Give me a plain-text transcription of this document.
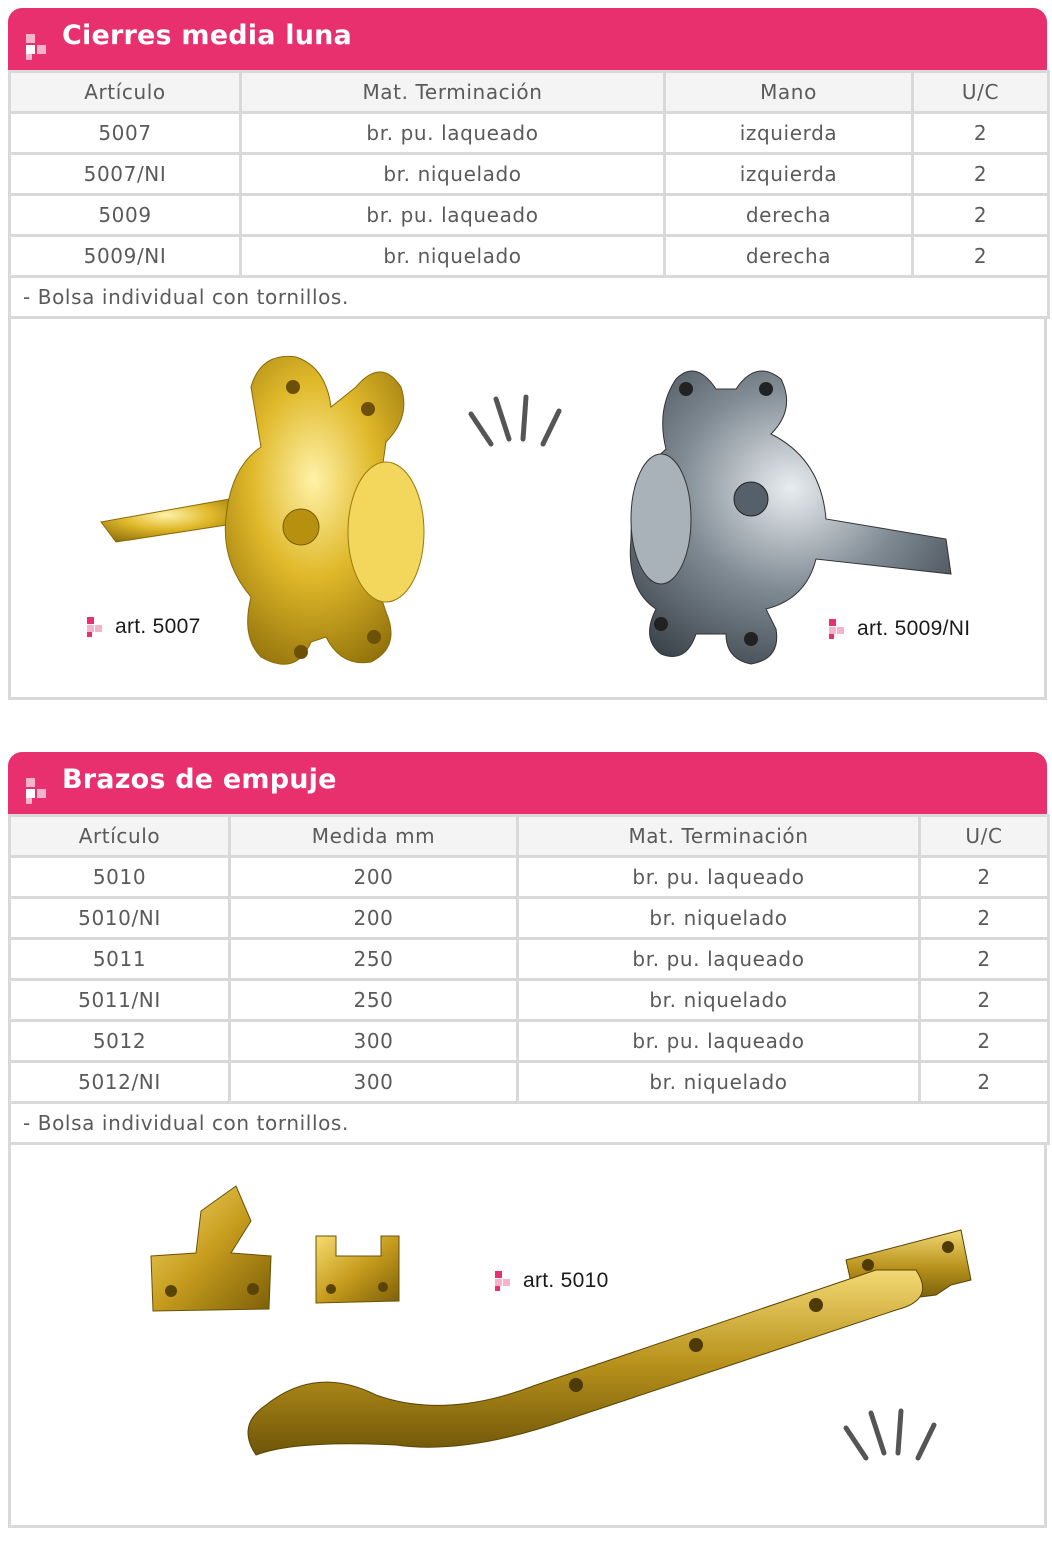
Cierres media luna
Artículo	Mat. Terminación	Mano	U/C
5007	br. pu. laqueado	izquierda	2
5007/NI	br. niquelado	izquierda	2
5009	br. pu. laqueado	derecha	2
5009/NI	br. niquelado	derecha	2
- Bolsa individual con tornillos.			
art. 5007	art. 5009/NI
Brazos de empuje
Artículo	Medida mm	Mat. Terminación	U/C
5010	200	br. pu. laqueado	2
5010/NI	200	br. niquelado	2
5011	250	br. pu. laqueado	2
5011/NI	250	br. niquelado	2
5012	300	br. pu. laqueado	2
5012/NI	300	br. niquelado	2
- Bolsa individual con tornillos.			
art. 5010
